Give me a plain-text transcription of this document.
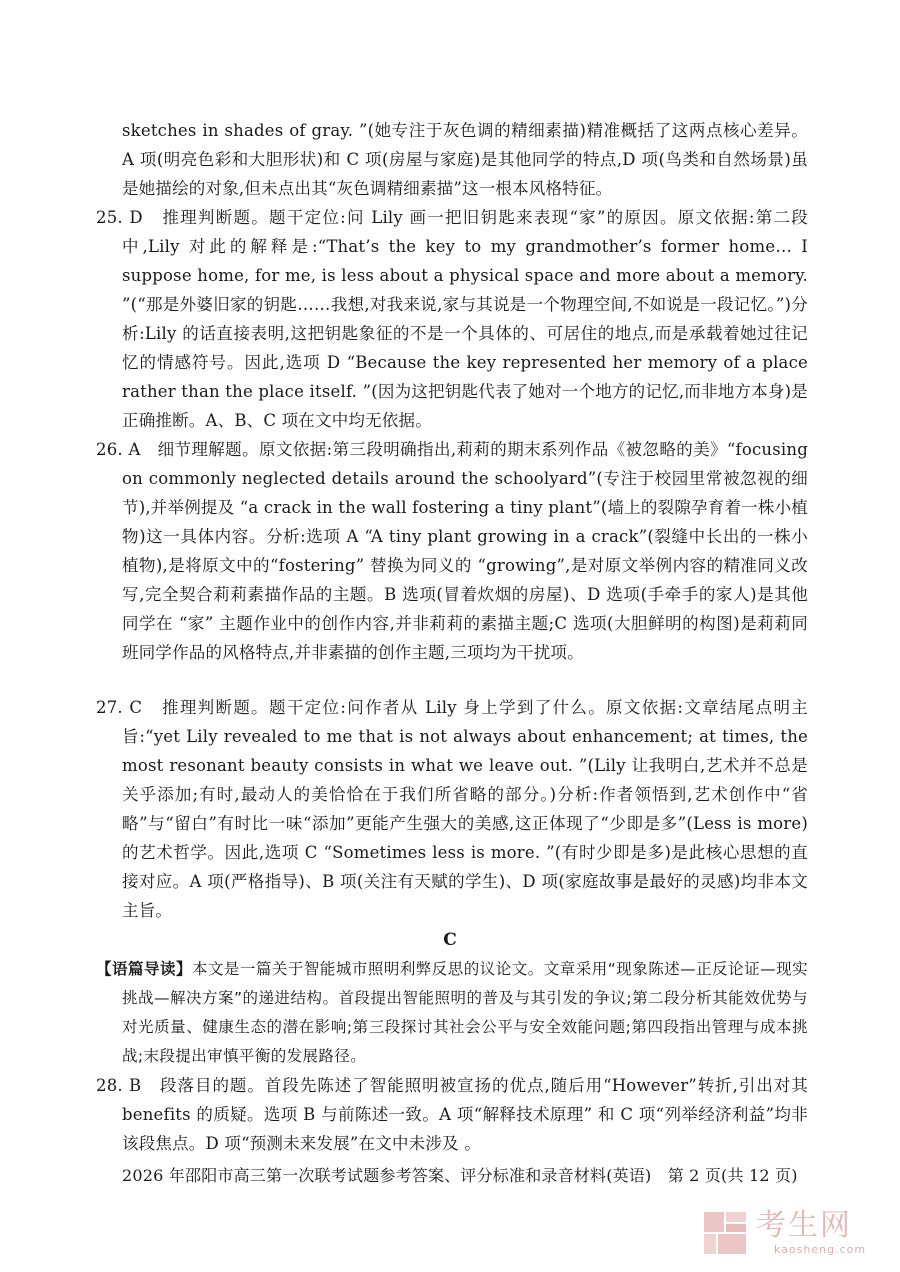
sketches in shades of gray. ”(她专注于灰色调的精细素描)精准概括了这两点核心差异。A 项(明亮色彩和大胆形状)和 C 项(房屋与家庭)是其他同学的特点,D 项(鸟类和自然场景)虽是她描绘的对象,但未点出其“灰色调精细素描”这一根本风格特征。
25. D 推理判断题。题干定位:问 Lily 画一把旧钥匙来表现“家”的原因。原文依据:第二段中,Lily 对此的解释是:“That’s the key to my grandmother’s former home… I suppose home, for me, is less about a physical space and more about a memory. ”(“那是外婆旧家的钥匙……我想,对我来说,家与其说是一个物理空间,不如说是一段记忆。”)分析:Lily 的话直接表明,这把钥匙象征的不是一个具体的、可居住的地点,而是承载着她过往记忆的情感符号。因此,选项 D “Because the key represented her memory of a place rather than the place itself. ”(因为这把钥匙代表了她对一个地方的记忆,而非地方本身)是正确推断。A、B、C 项在文中均无依据。
26. A 细节理解题。原文依据:第三段明确指出,莉莉的期末系列作品《被忽略的美》“focusing on commonly neglected details around the schoolyard”(专注于校园里常被忽视的细节),并举例提及 “a crack in the wall fostering a tiny plant”(墙上的裂隙孕育着一株小植物)这一具体内容。分析:选项 A “A tiny plant growing in a crack”(裂缝中长出的一株小植物),是将原文中的“fostering” 替换为同义的 “growing”,是对原文举例内容的精准同义改写,完全契合莉莉素描作品的主题。B 选项(冒着炊烟的房屋)、D 选项(手牵手的家人)是其他同学在 “家” 主题作业中的创作内容,并非莉莉的素描主题;C 选项(大胆鲜明的构图)是莉莉同班同学作品的风格特点,并非素描的创作主题,三项均为干扰项。
27. C 推理判断题。题干定位:问作者从 Lily 身上学到了什么。原文依据:文章结尾点明主旨:“yet Lily revealed to me that is not always about enhancement; at times, the most resonant beauty consists in what we leave out. ”(Lily 让我明白,艺术并不总是关乎添加;有时,最动人的美恰恰在于我们所省略的部分。)分析:作者领悟到,艺术创作中“省略”与“留白”有时比一味“添加”更能产生强大的美感,这正体现了“少即是多”(Less is more)的艺术哲学。因此,选项 C “Sometimes less is more. ”(有时少即是多)是此核心思想的直接对应。A 项(严格指导)、B 项(关注有天赋的学生)、D 项(家庭故事是最好的灵感)均非本文主旨。
C
【语篇导读】本文是一篇关于智能城市照明利弊反思的议论文。文章采用“现象陈述—正反论证—现实挑战—解决方案”的递进结构。首段提出智能照明的普及与其引发的争议;第二段分析其能效优势与对光质量、健康生态的潜在影响;第三段探讨其社会公平与安全效能问题;第四段指出管理与成本挑战;末段提出审慎平衡的发展路径。
28. B 段落目的题。首段先陈述了智能照明被宣扬的优点,随后用“However”转折,引出对其 benefits 的质疑。选项 B 与前陈述一致。A 项“解释技术原理” 和 C 项“列举经济利益”均非该段焦点。D 项“预测未来发展”在文中未涉及 。
2026 年邵阳市高三第一次联考试题参考答案、评分标准和录音材料(英语)　第 2 页(共 12 页)
考生网
kaosheng.com
